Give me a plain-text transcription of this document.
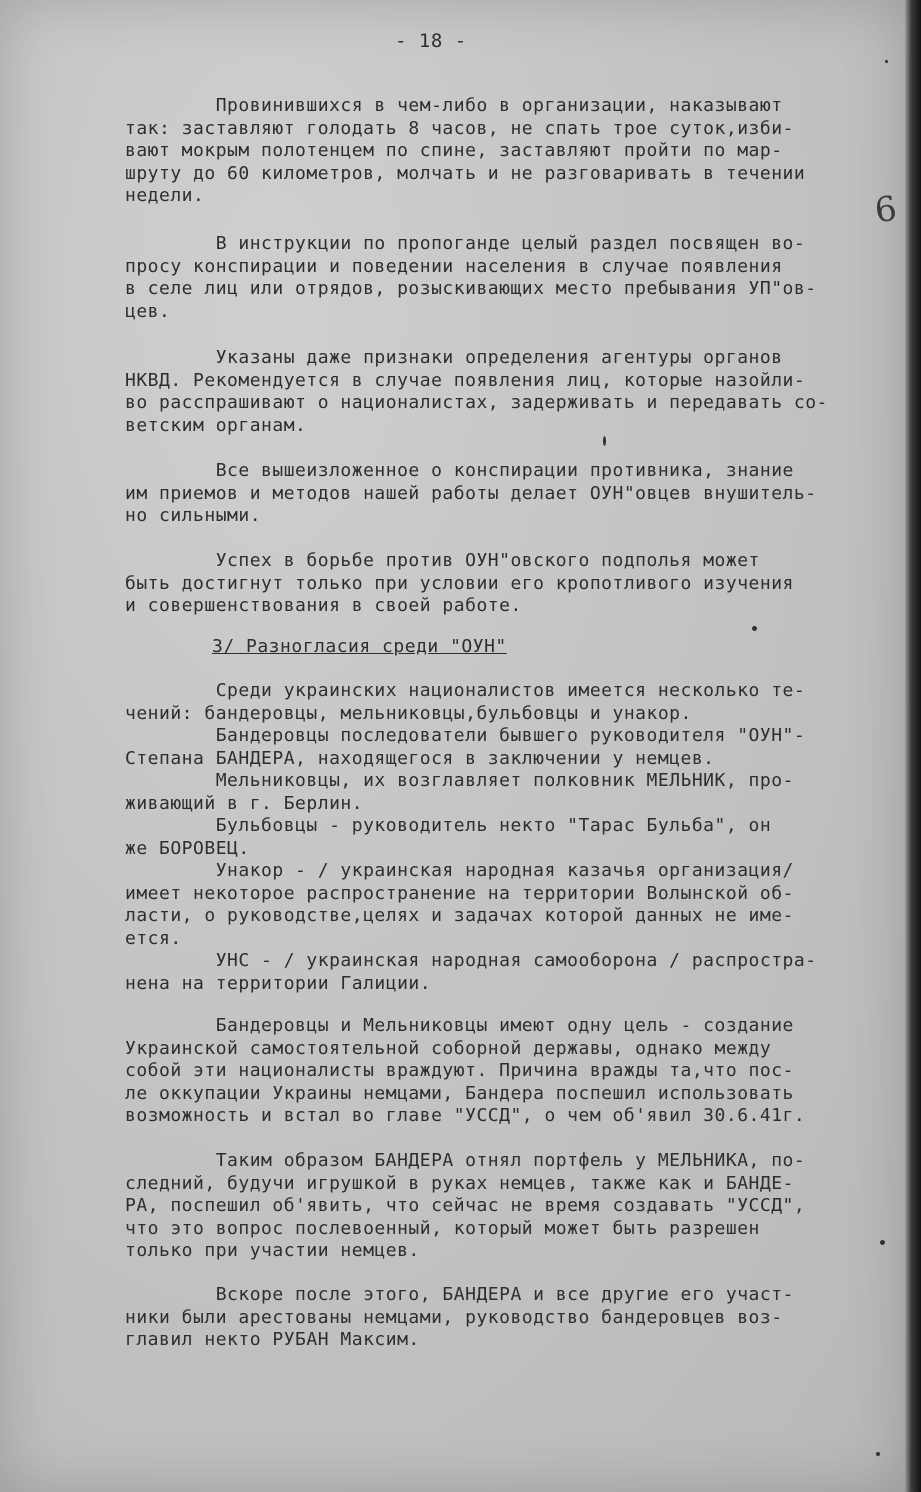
- 18 -
Провинившихся в чем-либо в организации, наказывают
так: заставляют голодать 8 часов, не спать трое суток,изби-
вают мокрым полотенцем по спине, заставляют пройти по мар-
шруту до 60 километров, молчать и не разговаривать в течении
недели.
В инструкции по пропоганде целый раздел посвящен во-
просу конспирации и поведении населения в случае появления
в селе лиц или отрядов, розыскивающих место пребывания УП"ов-
цев.
Указаны даже признаки определения агентуры органов
НКВД. Рекомендуется в случае появления лиц, которые назойли-
во расспрашивают о националистах, задерживать и передавать со-
ветским органам.
Все вышеизложенное о конспирации противника, знание
им приемов и методов нашей работы делает ОУН"овцев внушитель-
но сильными.
Успех в борьбе против ОУН"овского подполья может
быть достигнут только при условии его кропотливого изучения
и совершенствования в своей работе.
Среди украинских националистов имеется несколько те-
чений: бандеровцы, мельниковцы,бульбовцы и унакор.
Бандеровцы последователи бывшего руководителя "ОУН"-
Степана БАНДЕРА, находящегося в заключении у немцев.
Мельниковцы, их возглавляет полковник МЕЛЬНИК, про-
живающий в г. Берлин.
Бульбовцы - руководитель некто "Тарас Бульба", он
же БОРОВЕЦ.
Унакор - / украинская народная казачья организация/
имеет некоторое распространение на территории Волынской об-
ласти, о руководстве,целях и задачах которой данных не име-
ется.
УНС - / украинская народная самооборона / распростра-
нена на территории Галиции.
Бандеровцы и Мельниковцы имеют одну цель - создание
Украинской самостоятельной соборной державы, однако между
собой эти националисты враждуют. Причина вражды та,что пос-
ле оккупации Украины немцами, Бандера поспешил использовать
возможность и встал во главе "УССД", о чем об'явил 30.6.41г.
Таким образом БАНДЕРА отнял портфель у МЕЛЬНИКА, по-
следний, будучи игрушкой в руках немцев, также как и БАНДЕ-
РА, поспешил об'явить, что сейчас не время создавать "УССД",
что это вопрос послевоенный, который может быть разрешен
только при участии немцев.
Вскоре после этого, БАНДЕРА и все другие его участ-
ники были арестованы немцами, руководство бандеровцев воз-
главил некто РУБАН Максим.
3/ Разногласия среди "ОУН"
6
